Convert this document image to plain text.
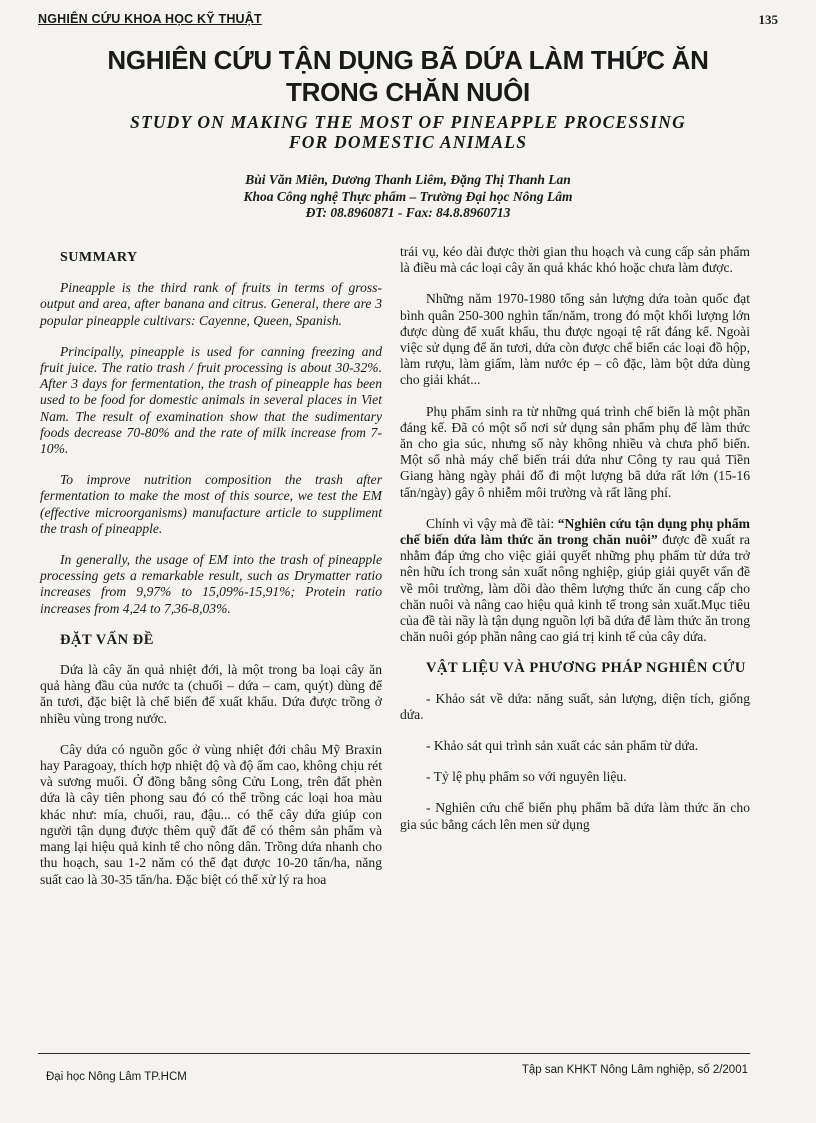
NGHIÊN CỨU KHOA HỌC KỸ THUẬT	135
NGHIÊN CỨU TẬN DỤNG BÃ DỨA LÀM THỨC ĂN
TRONG CHĂN NUÔI
STUDY ON MAKING THE MOST OF PINEAPPLE PROCESSING
FOR DOMESTIC ANIMALS
Bùi Văn Miên, Dương Thanh Liêm, Đặng Thị Thanh Lan
Khoa Công nghệ Thực phẩm – Trường Đại học Nông Lâm
ĐT: 08.8960871 - Fax: 84.8.8960713
SUMMARY

Pineapple is the third rank of fruits in terms of gross-output and area, after banana and citrus. General, there are 3 popular pineapple cultivars: Cayenne, Queen, Spanish.

Principally, pineapple is used for canning freezing and fruit juice. The ratio trash / fruit processing is about 30-32%. After 3 days for fermentation, the trash of pineapple has been used to be food for domestic animals in several places in Viet Nam. The result of examination show that the sudimentary foods decrease 70-80% and the rate of milk increase from 7-10%.

To improve nutrition composition the trash after fermentation to make the most of this source, we test the EM (effective microorganisms) manufacture article to suppliment the trash of pineapple.

In generally, the usage of EM into the trash of pineapple processing gets a remarkable result, such as Drymatter ratio increases from 9,97% to 15,09%-15,91%; Protein ratio increases from 4,24 to 7,36-8,03%.

ĐẶT VẤN ĐỀ

Dứa là cây ăn quả nhiệt đới, là một trong ba loại cây ăn quả hàng đầu của nước ta (chuối – dứa – cam, quýt) dùng để ăn tươi, đặc biệt là chế biến để xuất khẩu. Dứa được trồng ở nhiều vùng trong nước.

Cây dứa có nguồn gốc ở vùng nhiệt đới châu Mỹ Braxin hay Paragoay, thích hợp nhiệt độ và độ ẩm cao, không chịu rét và sương muối. Ở đồng bằng sông Cửu Long, trên đất phèn dứa là cây tiên phong sau đó có thể trồng các loại hoa màu khác như: mía, chuối, rau, đậu... có thể cây dứa giúp con người tận dụng được thêm quỹ đất để có thêm sản phẩm và mang lại hiệu quả kinh tế cho nông dân. Trồng dứa nhanh cho thu hoạch, sau 1-2 năm có thể đạt được 10-20 tấn/ha, năng suất cao là 30-35 tấn/ha. Đặc biệt có thể xử lý ra hoa

trái vụ, kéo dài được thời gian thu hoạch và cung cấp sản phẩm là điều mà các loại cây ăn quả khác khó hoặc chưa làm được.

Những năm 1970-1980 tổng sản lượng dứa toàn quốc đạt bình quân 250-300 nghìn tấn/năm, trong đó một khối lượng lớn được dùng để xuất khẩu, thu được ngoại tệ rất đáng kể. Ngoài việc sử dụng để ăn tươi, dứa còn được chế biến các loại đồ hộp, làm rượu, làm giấm, làm nước ép – cô đặc, làm bột dứa dùng cho giải khát...

Phụ phẩm sinh ra từ những quá trình chế biến là một phần đáng kể. Đã có một số nơi sử dụng sản phẩm phụ để làm thức ăn cho gia súc, nhưng số này không nhiều và chưa phổ biến. Một số nhà máy chế biến trái dứa như Công ty rau quả Tiền Giang hàng ngày phải đổ đi một lượng bã dứa rất lớn (15-16 tấn/ngày) gây ô nhiễm môi trường và rất lãng phí.

Chính vì vậy mà đề tài: “Nghiên cứu tận dụng phụ phẩm chế biến dứa làm thức ăn trong chăn nuôi” được đề xuất ra nhằm đáp ứng cho việc giải quyết những phụ phẩm từ dứa trở nên hữu ích trong sản xuất nông nghiệp, giúp giải quyết vấn đề về môi trường, làm dồi dào thêm lượng thức ăn cung cấp cho chăn nuôi và nâng cao hiệu quả kinh tế trong sản xuất.Mục tiêu của đề tài nầy là tận dụng nguồn lợi bã dứa để làm thức ăn trong chăn nuôi góp phần nâng cao giá trị kinh tế của cây dứa.

VẬT LIỆU VÀ PHƯƠNG PHÁP NGHIÊN CỨU

- Khảo sát về dứa: năng suất, sản lượng, diện tích, giống dứa.

- Khảo sát qui trình sản xuất các sản phẩm từ dứa.

- Tỷ lệ phụ phẩm so với nguyên liệu.

- Nghiên cứu chế biến phụ phẩm bã dứa làm thức ăn cho gia súc bằng cách lên men sử dụng

Đại học Nông Lâm TP.HCM
Tập san KHKT Nông Lâm nghiệp, số 2/2001
